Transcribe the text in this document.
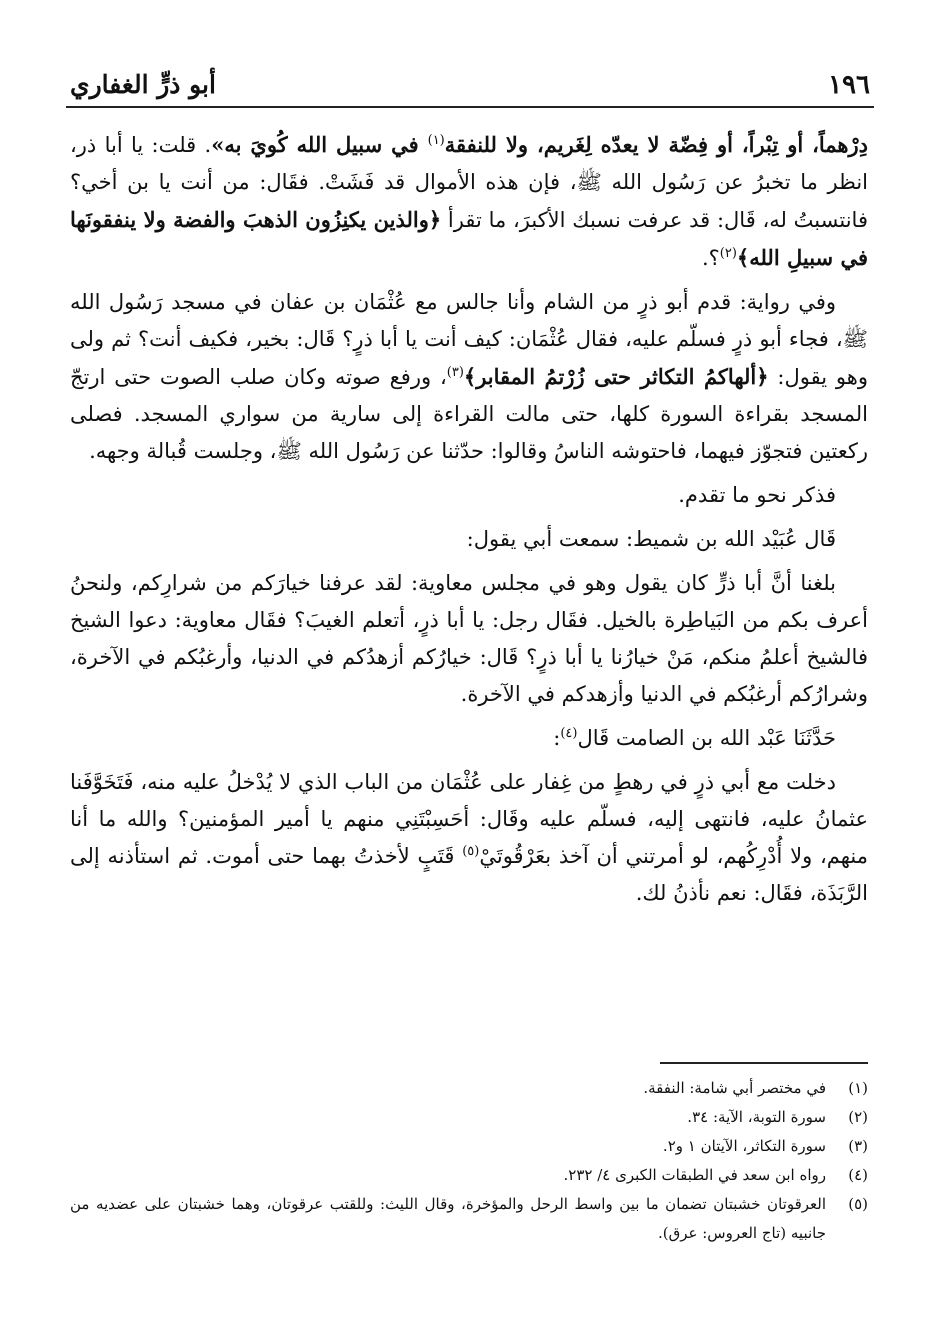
١٩٦
أبو ذرٍّ الغفاري

دِرْهماً، أو تِبْراً، أو فِضّة لا يعدّه لِغَريم، ولا للنفقة$^{(١)}$ في سبيل الله كُويَ به». قلت: يا أبا ذر، انظر ما تخبرُ عن رَسُول الله ﷺ، فإن هذه الأموال قد فَشَتْ. فقَال: من أنت يا بن أخي؟ فانتسبتُ له، قَال: قد عرفت نسبك الأكبرَ، ما تقرأ ﴿والذين يكنِزُون الذهبَ والفضة ولا ينفقونَها في سبيلِ الله﴾$^{(٢)}$؟.

وفي رواية: قدم أبو ذرٍ من الشام وأنا جالس مع عُثْمَان بن عفان في مسجد رَسُول الله ﷺ، فجاء أبو ذرٍ فسلّم عليه، فقال عُثْمَان: كيف أنت يا أبا ذرٍ؟ قَال: بخير، فكيف أنت؟ ثم ولى وهو يقول: ﴿ألهاكمُ التكاثر حتى زُرْتمُ المقابر﴾$^{(٣)}$، ورفع صوته وكان صلب الصوت حتى ارتجّ المسجد بقراءة السورة كلها، حتى مالت القراءة إلى سارية من سواري المسجد. فصلى ركعتين فتجوّز فيهما، فاحتوشه الناسُ وقالوا: حدّثنا عن رَسُول الله ﷺ، وجلست قُبالة وجهه.

فذكر نحو ما تقدم.

قَال عُبَيْد الله بن شميط: سمعت أبي يقول:

بلغنا أنَّ أبا ذرٍّ كان يقول وهو في مجلس معاوية: لقد عرفنا خيارَكم من شرارِكم، ولنحنُ أعرف بكم من البَياطِرة بالخيل. فقَال رجل: يا أبا ذرٍ، أتعلم الغيبَ؟ فقَال معاوية: دعوا الشيخ فالشيخ أعلمُ منكم، مَنْ خيارُنا يا أبا ذرٍ؟ قَال: خيارُكم أزهدُكم في الدنيا، وأرغبُكم في الآخرة، وشرارُكم أرغبُكم في الدنيا وأزهدكم في الآخرة.

حَدَّثَنَا عَبْد الله بن الصامت قَال$^{(٤)}$:

دخلت مع أبي ذرٍ في رهطٍ من غِفار على عُثْمَان من الباب الذي لا يُدْخلُ عليه منه، فَتَخَوَّفَنا عثمانُ عليه، فانتهى إليه، فسلّم عليه وقَال: أحَسِبْتَنِي منهم يا أمير المؤمنين؟ والله ما أنا منهم، ولا أُدْرِكُهم، لو أمرتني أن آخذ بعَرْقُوتَيْ$^{(٥)}$ قَتَبٍ لأخذتُ بهما حتى أموت. ثم استأذنه إلى الرَّبَذَة، فقَال: نعم نأذنُ لك.

(١)
في مختصر أبي شامة: النفقة.
(٢)
سورة التوبة، الآية: ٣٤.
(٣)
سورة التكاثر، الآيتان ١ و٢.
(٤)
رواه ابن سعد في الطبقات الكبرى ٤/ ٢٣٢.
(٥)
العرقوتان خشبتان تضمان ما بين واسط الرحل والمؤخرة، وقال الليث: وللقتب عرقوتان، وهما خشبتان على عضديه من جانبيه (تاج العروس: عرق).
